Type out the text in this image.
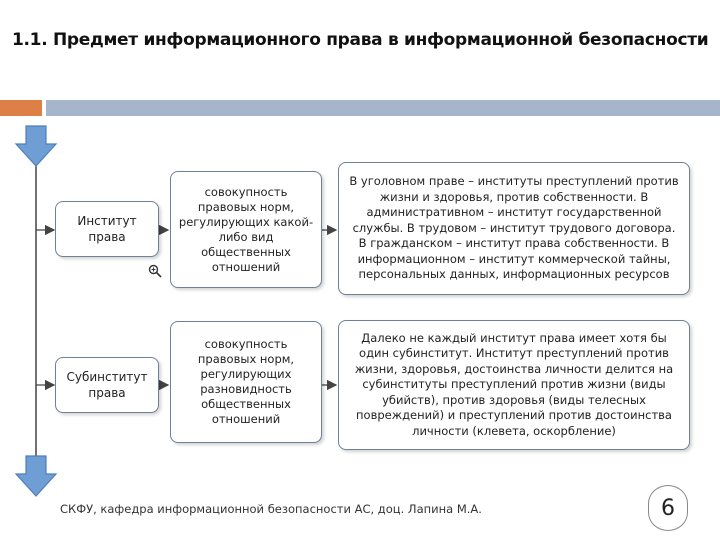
1.1. Предмет информационного права в информационной безопасности
Институт права
совокупность правовых норм, регулирующих какой-либо вид общественных отношений
В уголовном праве – институты преступлений против жизни и здоровья, против собственности. В административном – институт государственной службы. В трудовом – институт трудового договора. В гражданском – институт права собственности. В информационном – институт коммерческой тайны, персональных данных, информационных ресурсов
Субинститут права
совокупность правовых норм, регулирующих разновидность общественных отношений
Далеко не каждый институт права имеет хотя бы один субинститут. Институт преступлений против жизни, здоровья, достоинства личности делится на субинституты преступлений против жизни (виды убийств), против здоровья (виды телесных повреждений) и преступлений против достоинства личности (клевета, оскорбление)
СКФУ, кафедра информационной безопасности АС, доц. Лапина М.А.	6
